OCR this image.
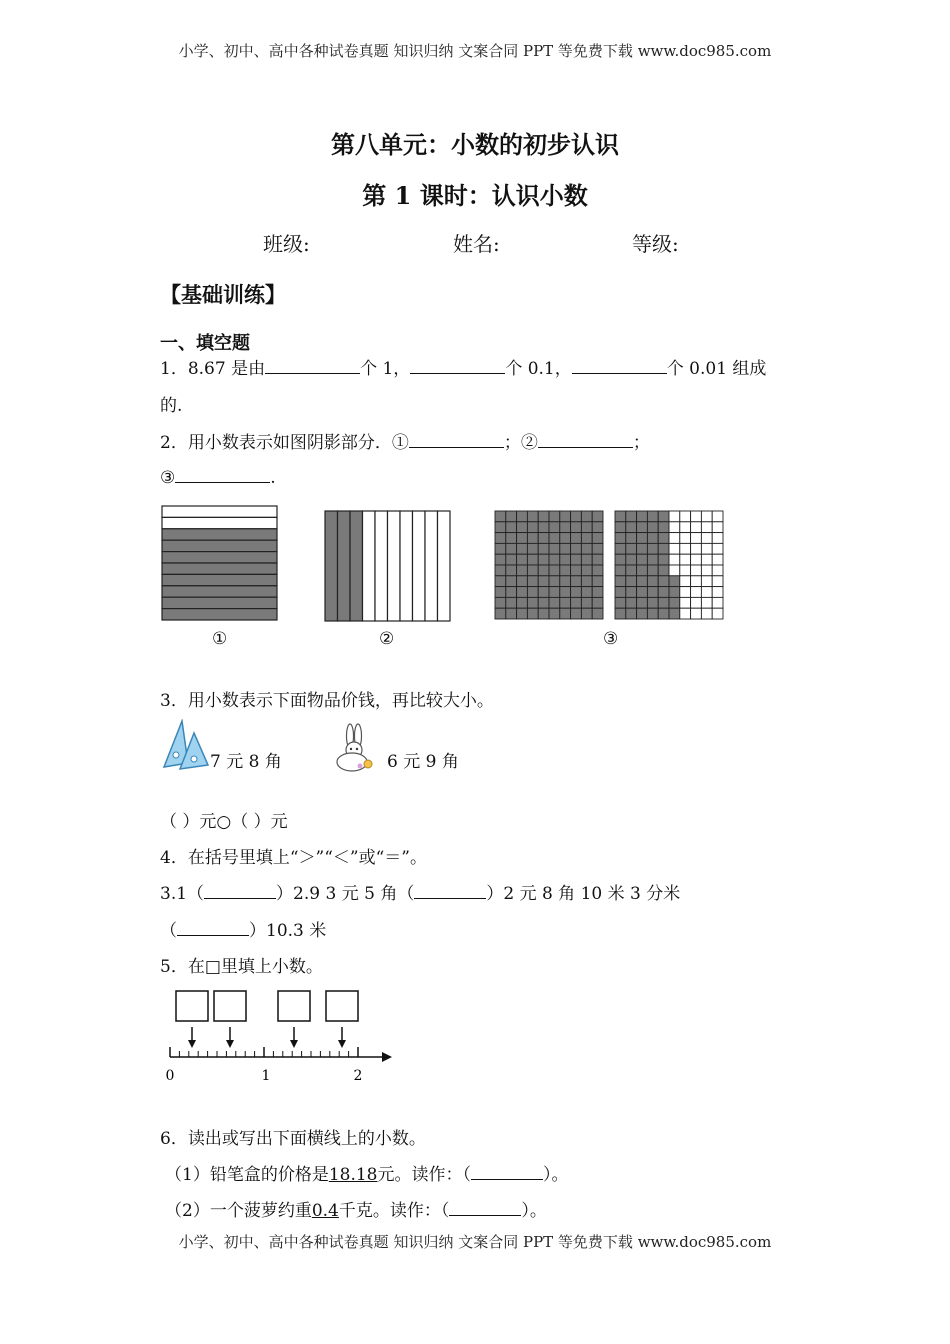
小学、初中、高中各种试卷真题 知识归纳 文案合同 PPT 等免费下载 www.doc985.com
小学、初中、高中各种试卷真题 知识归纳 文案合同 PPT 等免费下载 www.doc985.com
第八单元：小数的初步认识
第 1 课时：认识小数
班级:	姓名:	等级:
【基础训练】
一、填空题
1．8.67 是由	个 1，	个 0.1，	个 0.01 组成
的.
2．用小数表示如图阴影部分．①	；②	；
③	.
①	②	③
3．用小数表示下面物品价钱，再比较大小。
7 元 8 角	6 元 9 角
（ ）元○（ ）元
4．在括号里填上“＞”“＜”或“＝”。
3.1（	）2.9 3 元 5 角（	）2 元 8 角 10 米 3 分米
（	）10.3 米
5．在□里填上小数。
0	1	2
6．读出或写出下面横线上的小数。
（1）铅笔盒的价格是18.18元。读作：（	）。
（2）一个菠萝约重0.4千克。读作：（	）。
